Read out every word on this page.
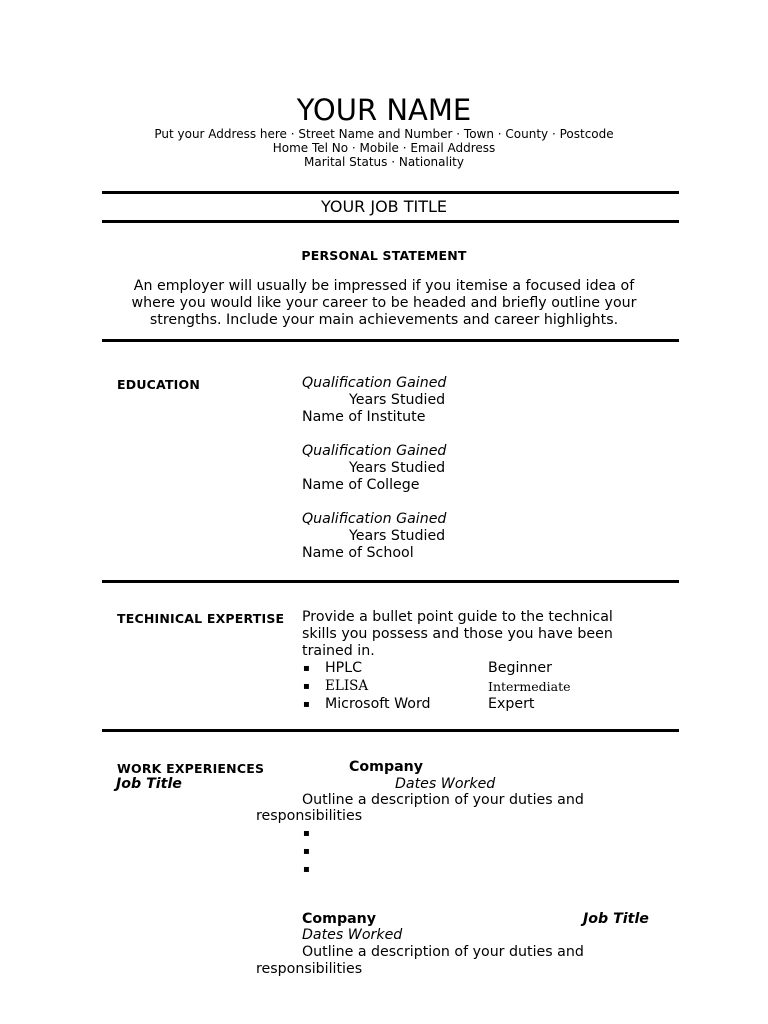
YOUR NAME
Put your Address here · Street Name and Number · Town · County · Postcode
Home Tel No · Mobile · Email Address
Marital Status · Nationality
YOUR JOB TITLE
PERSONAL STATEMENT
An employer will usually be impressed if you itemise a focused idea of
where you would like your career to be headed and briefly outline your
strengths. Include your main achievements and career highlights.
EDUCATION	Qualification Gained
Years Studied
Name of Institute
Qualification Gained
Years Studied
Name of College
Qualification Gained
Years Studied
Name of School
TECHINICAL EXPERTISE Provide a bullet point guide to the technical
skills you possess and those you have been
trained in.
▪ HPLC	Beginner
▪ ELISA	Intermediate
▪ Microsoft Word	Expert
WORK EXPERIENCES	Company
Job Title	Dates Worked
Outline a description of your duties and
responsibilities
▪
▪
▪
Company	Job Title
Dates Worked
Outline a description of your duties and
responsibilities
